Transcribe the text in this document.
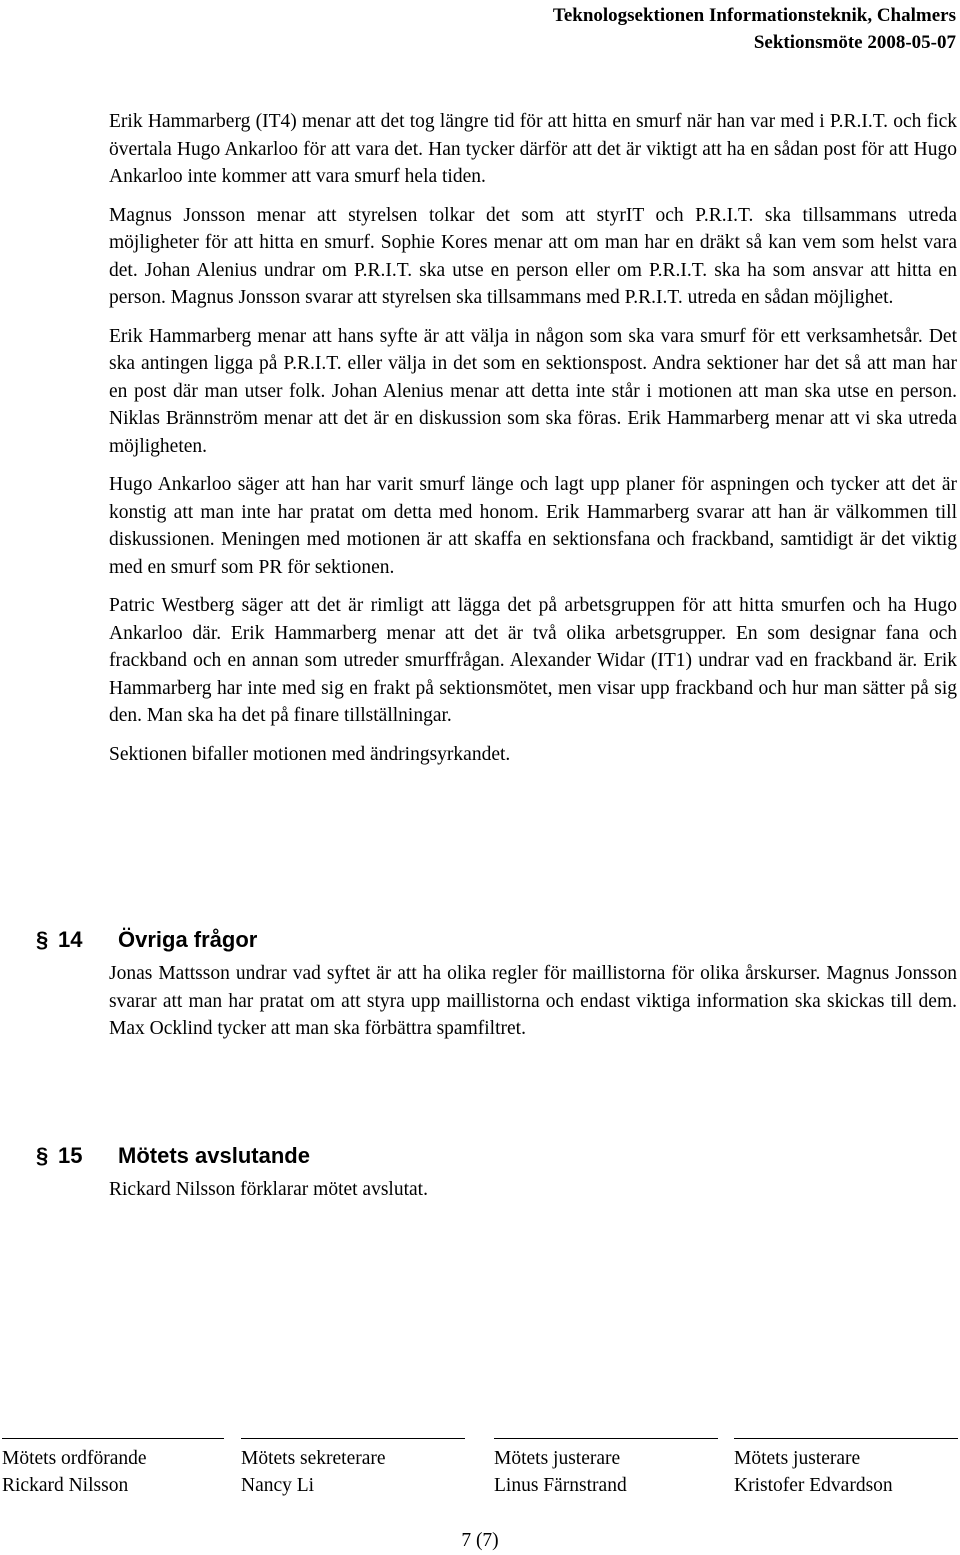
Teknologsektionen Informationsteknik, Chalmers
Sektionsmöte 2008-05-07

Erik Hammarberg (IT4) menar att det tog längre tid för att hitta en smurf när han var med i P.R.I.T. och fick övertala Hugo Ankarloo för att vara det. Han tycker därför att det är viktigt att ha en sådan post för att Hugo Ankarloo inte kommer att vara smurf hela tiden.

Magnus Jonsson menar att styrelsen tolkar det som att styrIT och P.R.I.T. ska tillsammans utreda möjligheter för att hitta en smurf. Sophie Kores menar att om man har en dräkt så kan vem som helst vara det. Johan Alenius undrar om P.R.I.T. ska utse en person eller om P.R.I.T. ska ha som ansvar att hitta en person. Magnus Jonsson svarar att styrelsen ska tillsammans med P.R.I.T. utreda en sådan möjlighet.

Erik Hammarberg menar att hans syfte är att välja in någon som ska vara smurf för ett verksamhetsår. Det ska antingen ligga på P.R.I.T. eller välja in det som en sektionspost. Andra sektioner har det så att man har en post där man utser folk. Johan Alenius menar att detta inte står i motionen att man ska utse en person. Niklas Brännström menar att det är en diskussion som ska föras. Erik Hammarberg menar att vi ska utreda möjligheten.

Hugo Ankarloo säger att han har varit smurf länge och lagt upp planer för aspningen och tycker att det är konstig att man inte har pratat om detta med honom. Erik Hammarberg svarar att han är välkommen till diskussionen. Meningen med motionen är att skaffa en sektionsfana och frackband, samtidigt är det viktig med en smurf som PR för sektionen.

Patric Westberg säger att det är rimligt att lägga det på arbetsgruppen för att hitta smurfen och ha Hugo Ankarloo där. Erik Hammarberg menar att det är två olika arbetsgrupper. En som designar fana och frackband och en annan som utreder smurffrågan. Alexander Widar (IT1) undrar vad en frackband är. Erik Hammarberg har inte med sig en frakt på sektionsmötet, men visar upp frackband och hur man sätter på sig den. Man ska ha det på finare tillställningar.

Sektionen bifaller motionen med ändringsyrkandet.

§ 14 Övriga frågor

Jonas Mattsson undrar vad syftet är att ha olika regler för maillistorna för olika årskurser. Magnus Jonsson svarar att man har pratat om att styra upp maillistorna och endast viktiga information ska skickas till dem. Max Ocklind tycker att man ska förbättra spamfiltret.

§ 15 Mötets avslutande

Rickard Nilsson förklarar mötet avslutat.

Mötets ordförande
Rickard Nilsson
Mötets sekreterare
Nancy Li
Mötets justerare
Linus Färnstrand
Mötets justerare
Kristofer Edvardson
7 (7)
